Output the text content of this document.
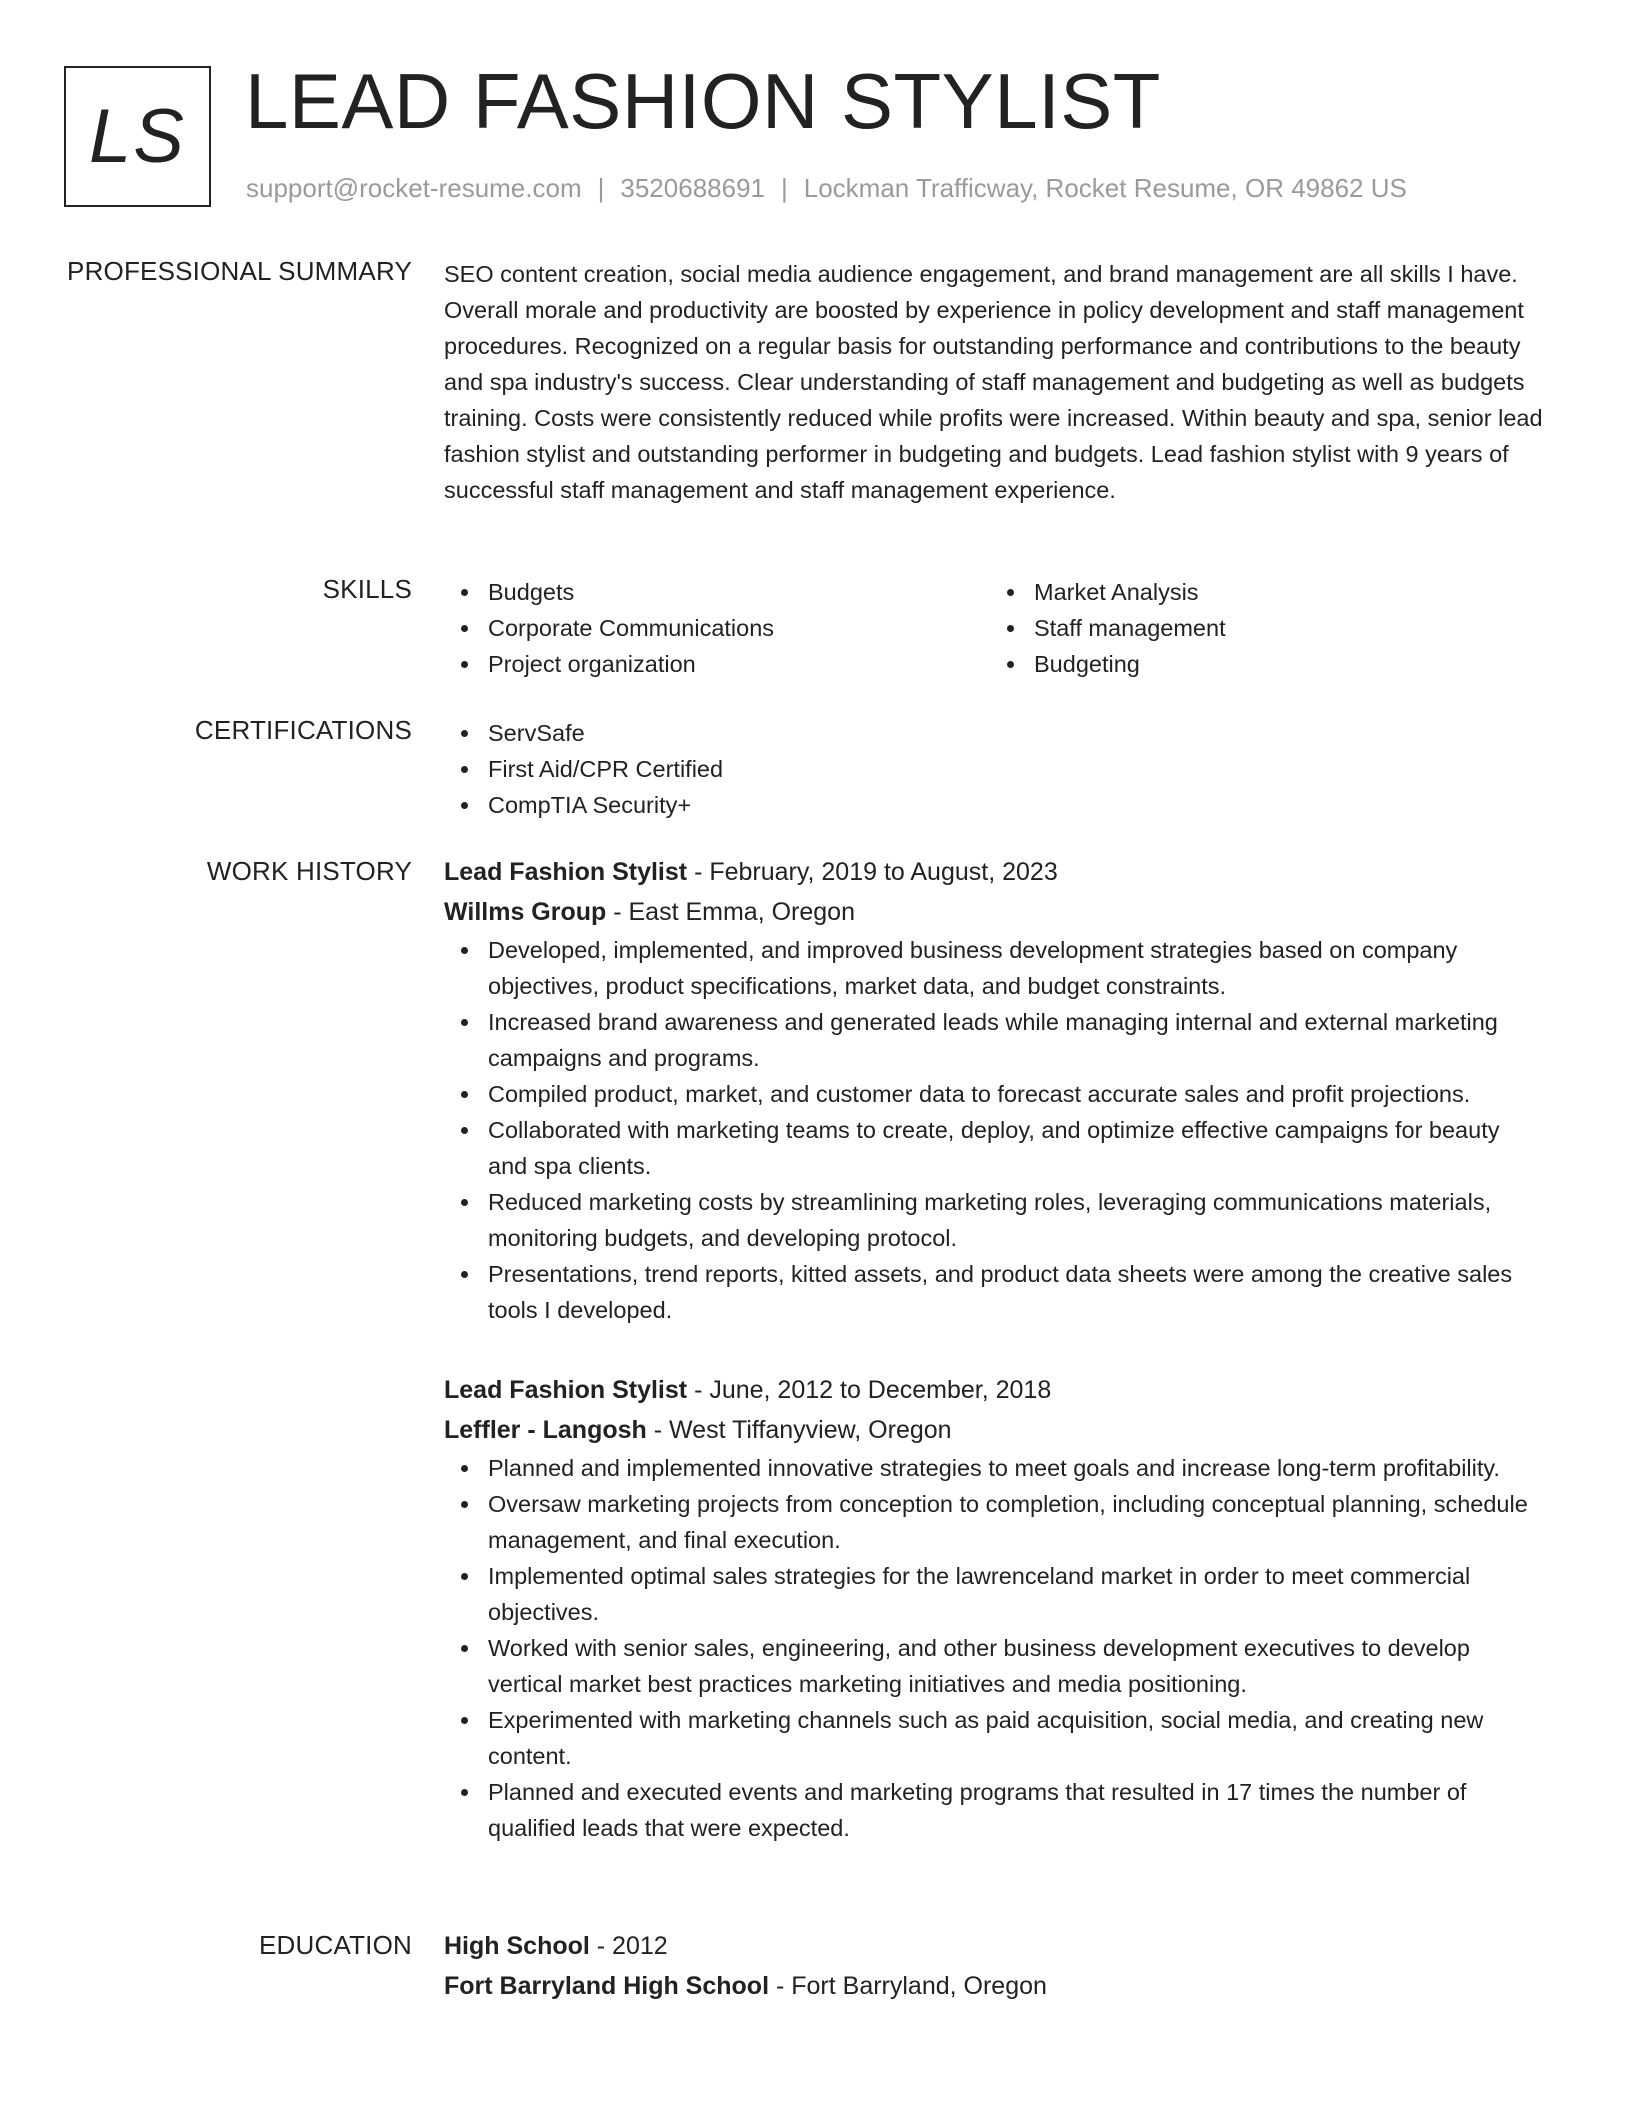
LS LEAD FASHION STYLIST
support@rocket-resume.com | 3520688691 | Lockman Trafficway, Rocket Resume, OR 49862 US
PROFESSIONAL SUMMARY SEO content creation, social media audience engagement, and brand management are all skills I have. Overall morale and productivity are boosted by experience in policy development and staff management procedures. Recognized on a regular basis for outstanding performance and contributions to the beauty and spa industry's success. Clear understanding of staff management and budgeting as well as budgets training. Costs were consistently reduced while profits were increased. Within beauty and spa, senior lead fashion stylist and outstanding performer in budgeting and budgets. Lead fashion stylist with 9 years of successful staff management and staff management experience.

SKILLS	Budgets
Corporate Communications
Project organization
Market Analysis
Staff management
Budgeting
CERTIFICATIONS	ServSafe
First Aid/CPR Certified
CompTIA Security+
WORK HISTORY Lead Fashion Stylist - February, 2019 to August, 2023
Willms Group - East Emma, Oregon
Developed, implemented, and improved business development strategies based on company objectives, product specifications, market data, and budget constraints.
Increased brand awareness and generated leads while managing internal and external marketing campaigns and programs.
Compiled product, market, and customer data to forecast accurate sales and profit projections.
Collaborated with marketing teams to create, deploy, and optimize effective campaigns for beauty and spa clients.
Reduced marketing costs by streamlining marketing roles, leveraging communications materials, monitoring budgets, and developing protocol.
Presentations, trend reports, kitted assets, and product data sheets were among the creative sales tools I developed.
Lead Fashion Stylist - June, 2012 to December, 2018
Leffler - Langosh - West Tiffanyview, Oregon
Planned and implemented innovative strategies to meet goals and increase long-term profitability.
Oversaw marketing projects from conception to completion, including conceptual planning, schedule management, and final execution.
Implemented optimal sales strategies for the lawrenceland market in order to meet commercial objectives.
Worked with senior sales, engineering, and other business development executives to develop vertical market best practices marketing initiatives and media positioning.
Experimented with marketing channels such as paid acquisition, social media, and creating new content.
Planned and executed events and marketing programs that resulted in 17 times the number of qualified leads that were expected.
EDUCATION High School - 2012
Fort Barryland High School - Fort Barryland, Oregon
